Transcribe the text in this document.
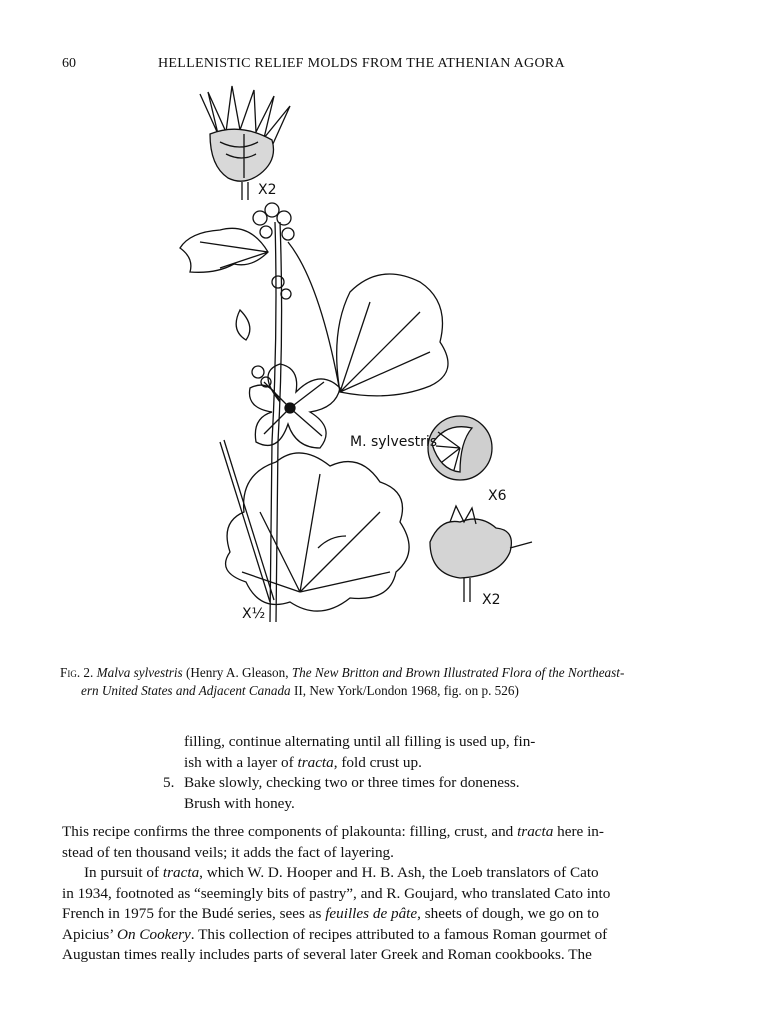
60	HELLENISTIC RELIEF MOLDS FROM THE ATHENIAN AGORA
X2
M. sylvestris
X6
X2
X½
Fig. 2. Malva sylvestris (Henry A. Gleason, The New Britton and Brown Illustrated Flora of the Northeast-
ern United States and Adjacent Canada II, New York/London 1968, fig. on p. 526)
filling, continue alternating until all filling is used up, fin-
ish with a layer of tracta, fold crust up.
5. Bake slowly, checking two or three times for doneness.
Brush with honey.
This recipe confirms the three components of plakounta: filling, crust, and tracta here in-
stead of ten thousand veils; it adds the fact of layering.
In pursuit of tracta, which W. D. Hooper and H. B. Ash, the Loeb translators of Cato
in 1934, footnoted as “seemingly bits of pastry”, and R. Goujard, who translated Cato into
French in 1975 for the Budé series, sees as feuilles de pâte, sheets of dough, we go on to
Apicius’ On Cookery. This collection of recipes attributed to a famous Roman gourmet of
Augustan times really includes parts of several later Greek and Roman cookbooks. The
